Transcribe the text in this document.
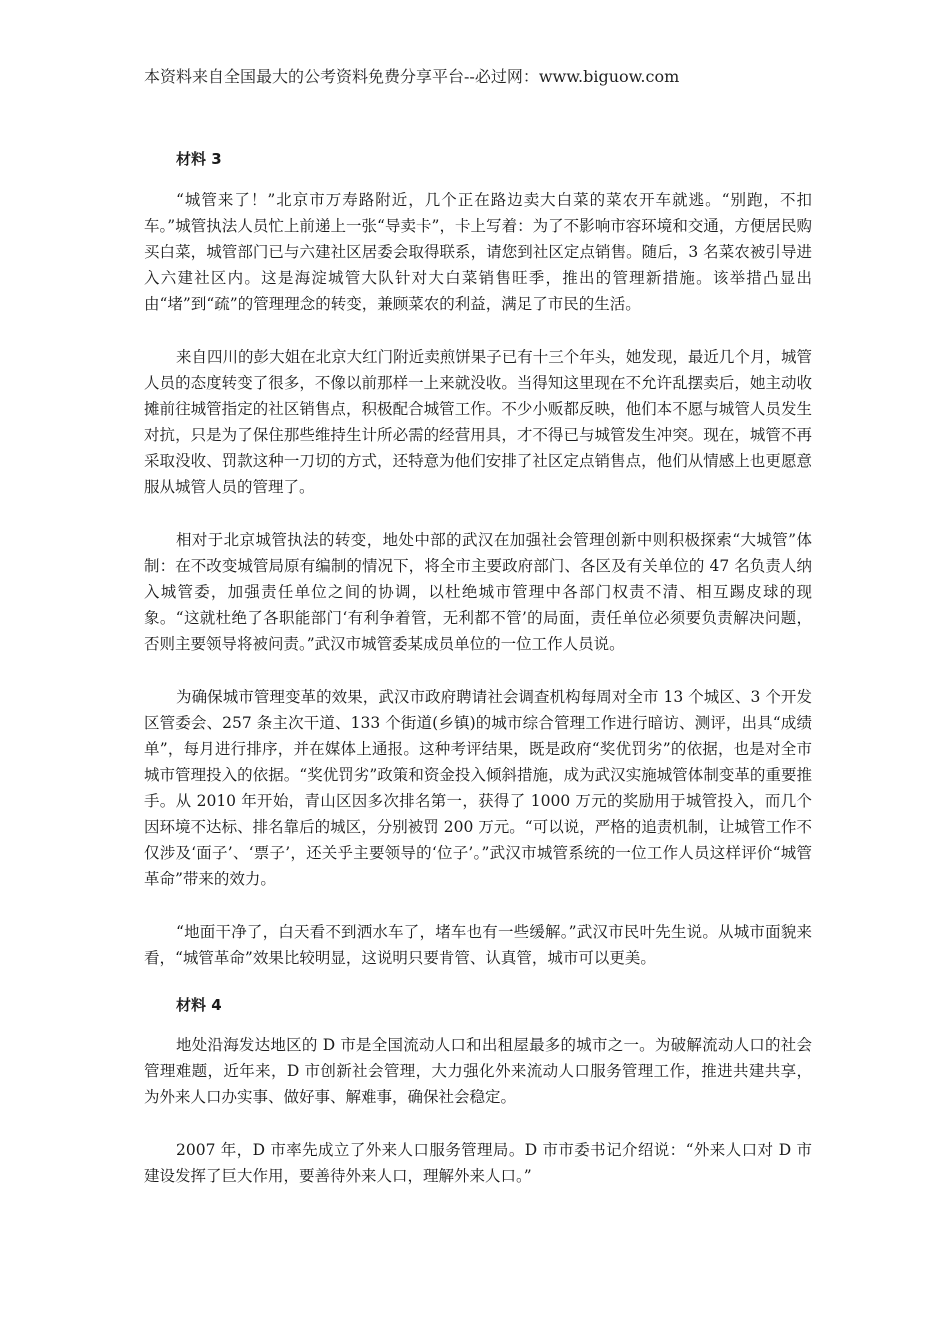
本资料来自全国最大的公考资料免费分享平台--必过网：www.biguow.com
材料 3

“城管来了！”北京市万寿路附近，几个正在路边卖大白菜的菜农开车就逃。“别跑，不扣车。”城管执法人员忙上前递上一张“导卖卡”，卡上写着：为了不影响市容环境和交通，方便居民购买白菜，城管部门已与六建社区居委会取得联系，请您到社区定点销售。随后，3 名菜农被引导进入六建社区内。这是海淀城管大队针对大白菜销售旺季，推出的管理新措施。该举措凸显出由“堵”到“疏”的管理理念的转变，兼顾菜农的利益，满足了市民的生活。

来自四川的彭大姐在北京大红门附近卖煎饼果子已有十三个年头，她发现，最近几个月，城管人员的态度转变了很多，不像以前那样一上来就没收。当得知这里现在不允许乱摆卖后，她主动收摊前往城管指定的社区销售点，积极配合城管工作。不少小贩都反映，他们本不愿与城管人员发生对抗，只是为了保住那些维持生计所必需的经营用具，才不得已与城管发生冲突。现在，城管不再采取没收、罚款这种一刀切的方式，还特意为他们安排了社区定点销售点，他们从情感上也更愿意服从城管人员的管理了。

相对于北京城管执法的转变，地处中部的武汉在加强社会管理创新中则积极探索“大城管”体制：在不改变城管局原有编制的情况下，将全市主要政府部门、各区及有关单位的 47 名负责人纳入城管委，加强责任单位之间的协调，以杜绝城市管理中各部门权责不清、相互踢皮球的现象。“这就杜绝了各职能部门‘有利争着管，无利都不管’的局面，责任单位必须要负责解决问题，否则主要领导将被问责。”武汉市城管委某成员单位的一位工作人员说。

为确保城市管理变革的效果，武汉市政府聘请社会调查机构每周对全市 13 个城区、3 个开发区管委会、257 条主次干道、133 个街道(乡镇)的城市综合管理工作进行暗访、测评，出具“成绩单”，每月进行排序，并在媒体上通报。这种考评结果，既是政府“奖优罚劣”的依据，也是对全市城市管理投入的依据。“奖优罚劣”政策和资金投入倾斜措施，成为武汉实施城管体制变革的重要推手。从 2010 年开始，青山区因多次排名第一，获得了 1000 万元的奖励用于城管投入，而几个因环境不达标、排名靠后的城区，分别被罚 200 万元。“可以说，严格的追责机制，让城管工作不仅涉及‘面子’、‘票子’，还关乎主要领导的‘位子’。”武汉市城管系统的一位工作人员这样评价“城管革命”带来的效力。

“地面干净了，白天看不到洒水车了，堵车也有一些缓解。”武汉市民叶先生说。从城市面貌来看，“城管革命”效果比较明显，这说明只要肯管、认真管，城市可以更美。

材料 4

地处沿海发达地区的 D 市是全国流动人口和出租屋最多的城市之一。为破解流动人口的社会管理难题，近年来，D 市创新社会管理，大力强化外来流动人口服务管理工作，推进共建共享，为外来人口办实事、做好事、解难事，确保社会稳定。

2007 年，D 市率先成立了外来人口服务管理局。D 市市委书记介绍说：“外来人口对 D 市建设发挥了巨大作用，要善待外来人口，理解外来人口。”
